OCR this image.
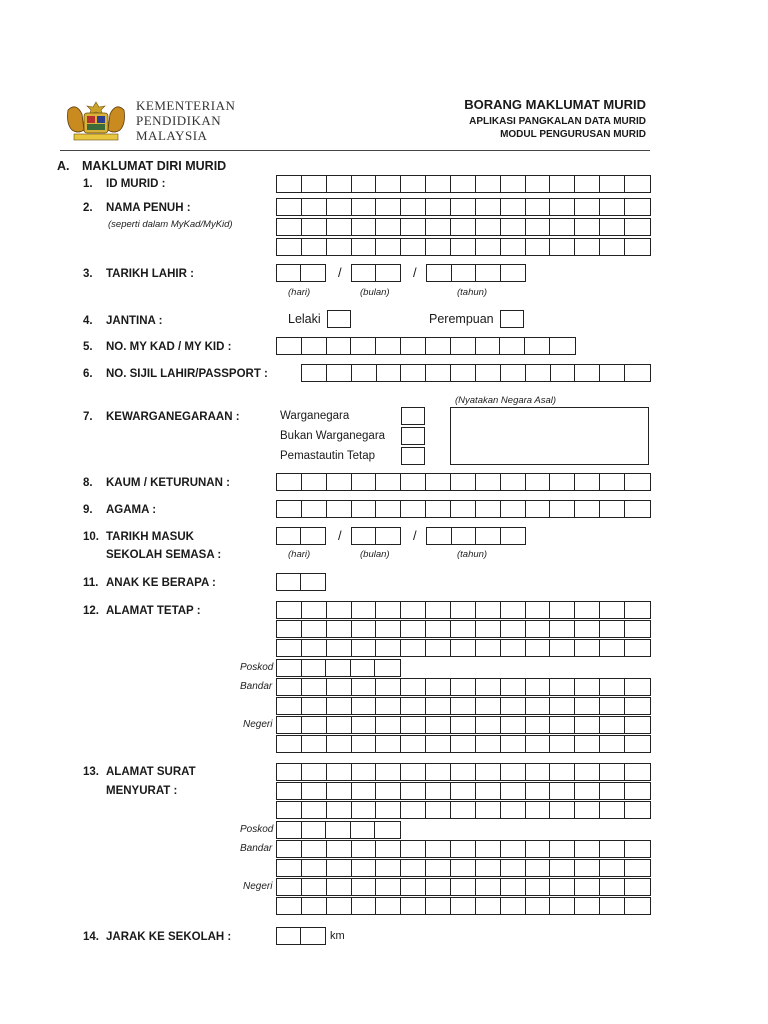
KEMENTERIAN
PENDIDIKAN
MALAYSIA
BORANG MAKLUMAT MURID
APLIKASI PANGKALAN DATA MURID
MODUL PENGURUSAN MURID
A. MAKLUMAT DIRI MURID
1. ID MURID :
2. NAMA PENUH :
(seperti dalam MyKad/MyKid)
3. TARIKH LAHIR :	/	/
(hari)	(bulan)	(tahun)
4. JANTINA :	Lelaki	Perempuan
5. NO. MY KAD / MY KID :
6. NO. SIJIL LAHIR/PASSPORT :
7. KEWARGANEGARAAN :	Warganegara
Bukan Warganegara
Pemastautin Tetap
(Nyatakan Negara Asal)
8. KAUM / KETURUNAN :
9. AGAMA :
10. TARIKH MASUK
SEKOLAH SEMASA :
/	/
(hari)	(bulan)	(tahun)
11. ANAK KE BERAPA :
12. ALAMAT TETAP :
Poskod
Bandar
Negeri
13. ALAMAT SURAT
MENYURAT :
Poskod
Bandar
Negeri
14. JARAK KE SEKOLAH :	km
